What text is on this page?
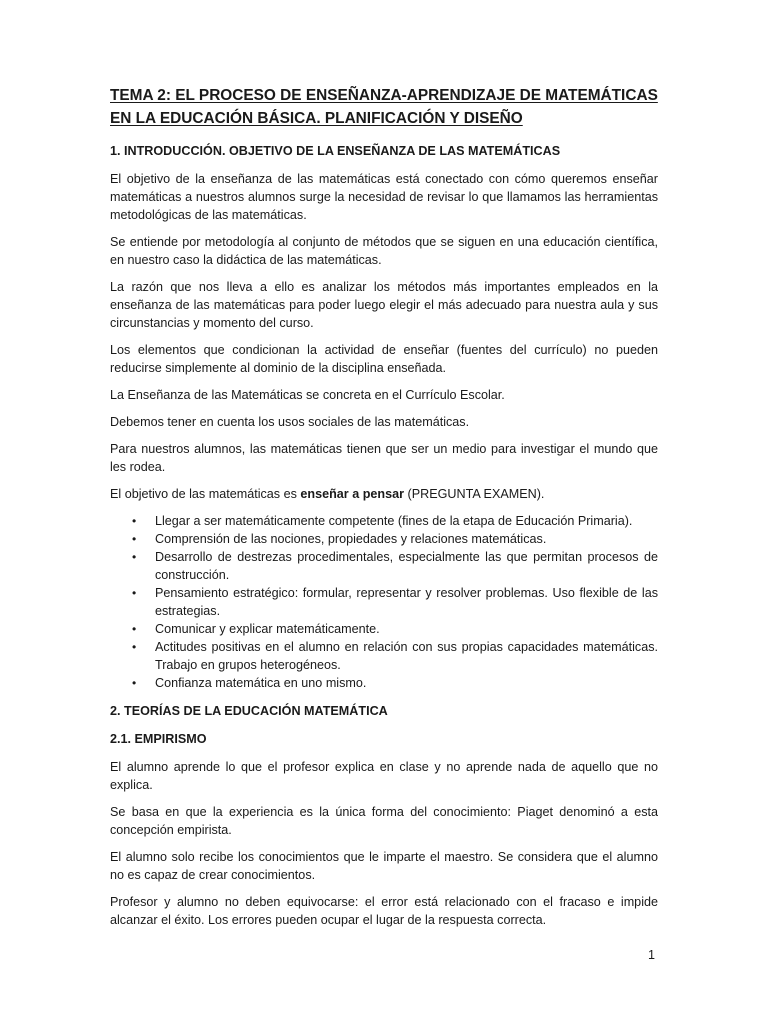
TEMA 2: EL PROCESO DE ENSEÑANZA-APRENDIZAJE DE MATEMÁTICAS EN LA EDUCACIÓN BÁSICA. PLANIFICACIÓN Y DISEÑO
1. INTRODUCCIÓN. OBJETIVO DE LA ENSEÑANZA DE LAS MATEMÁTICAS

El objetivo de la enseñanza de las matemáticas está conectado con cómo queremos enseñar matemáticas a nuestros alumnos surge la necesidad de revisar lo que llamamos las herramientas metodológicas de las matemáticas.

Se entiende por metodología al conjunto de métodos que se siguen en una educación científica, en nuestro caso la didáctica de las matemáticas.

La razón que nos lleva a ello es analizar los métodos más importantes empleados en la enseñanza de las matemáticas para poder luego elegir el más adecuado para nuestra aula y sus circunstancias y momento del curso.

Los elementos que condicionan la actividad de enseñar (fuentes del currículo) no pueden reducirse simplemente al dominio de la disciplina enseñada.

La Enseñanza de las Matemáticas se concreta en el Currículo Escolar.

Debemos tener en cuenta los usos sociales de las matemáticas.

Para nuestros alumnos, las matemáticas tienen que ser un medio para investigar el mundo que les rodea.

El objetivo de las matemáticas es enseñar a pensar (PREGUNTA EXAMEN).

• Llegar a ser matemáticamente competente (fines de la etapa de Educación Primaria).
• Comprensión de las nociones, propiedades y relaciones matemáticas.
• Desarrollo de destrezas procedimentales, especialmente las que permitan procesos de construcción.
• Pensamiento estratégico: formular, representar y resolver problemas. Uso flexible de las estrategias.
• Comunicar y explicar matemáticamente.
• Actitudes positivas en el alumno en relación con sus propias capacidades matemáticas. Trabajo en grupos heterogéneos.
• Confianza matemática en uno mismo.
2. TEORÍAS DE LA EDUCACIÓN MATEMÁTICA
2.1. EMPIRISMO

El alumno aprende lo que el profesor explica en clase y no aprende nada de aquello que no explica.

Se basa en que la experiencia es la única forma del conocimiento: Piaget denominó a esta concepción empirista.

El alumno solo recibe los conocimientos que le imparte el maestro. Se considera que el alumno no es capaz de crear conocimientos.

Profesor y alumno no deben equivocarse: el error está relacionado con el fracaso e impide alcanzar el éxito. Los errores pueden ocupar el lugar de la respuesta correcta.

1
